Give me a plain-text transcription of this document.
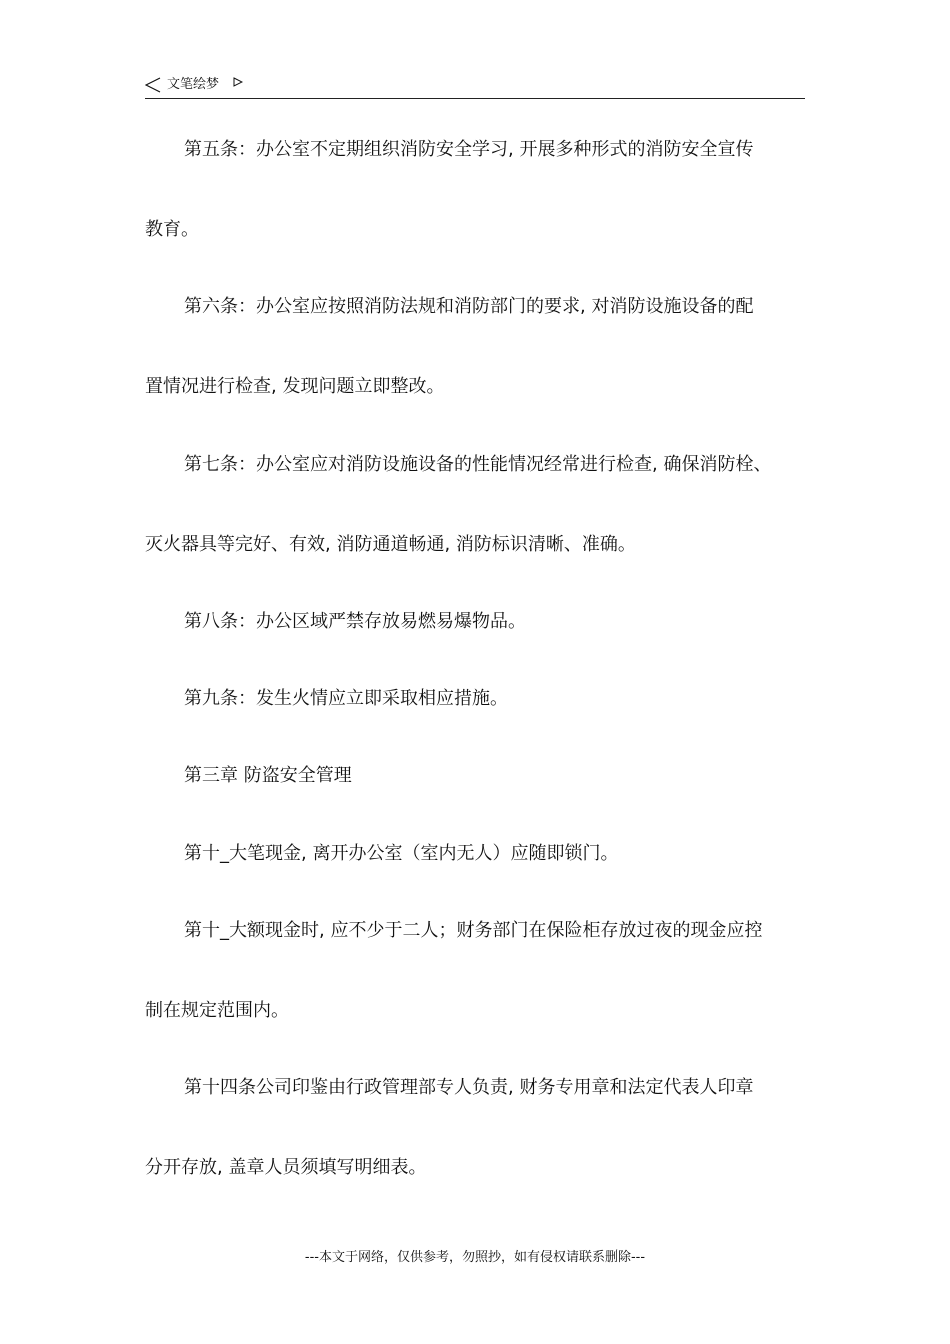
文笔绘梦
第五条：办公室不定期组织消防安全学习, 开展多种形式的消防安全宣传
教育。
第六条：办公室应按照消防法规和消防部门的要求, 对消防设施设备的配
置情况进行检查, 发现问题立即整改。
第七条：办公室应对消防设施设备的性能情况经常进行检查, 确保消防栓、
灭火器具等完好、有效, 消防通道畅通, 消防标识清晰、准确。
第八条：办公区域严禁存放易燃易爆物品。
第九条：发生火情应立即采取相应措施。
第三章 防盗安全管理
第十_大笔现金, 离开办公室（室内无人）应随即锁门。
第十_大额现金时, 应不少于二人；财务部门在保险柜存放过夜的现金应控
制在规定范围内。
第十四条公司印鉴由行政管理部专人负责, 财务专用章和法定代表人印章
分开存放, 盖章人员须填写明细表。
---本文于网络，仅供参考，勿照抄，如有侵权请联系删除---
